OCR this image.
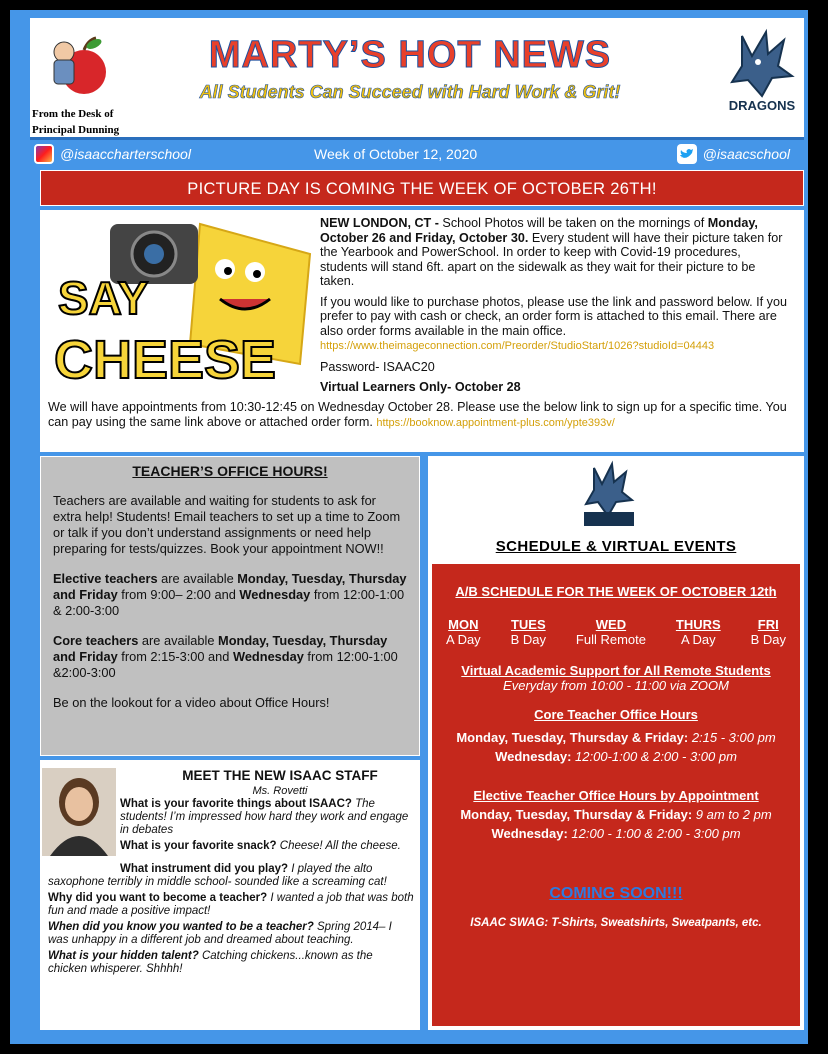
MARTY’S HOT NEWS
All Students Can Succeed with Hard Work & Grit!
From the Desk of
Principal Dunning
DRAGONS
@isaaccharterschool	Week of October 12, 2020	@isaacschool
PICTURE DAY IS COMING THE WEEK OF OCTOBER 26TH!
SAY
CHEESE

NEW LONDON, CT - School Photos will be taken on the mornings of Monday, October 26 and Friday, October 30. Every student will have their picture taken for the Yearbook and PowerSchool. In order to keep with Covid-19 procedures, students will stand 6ft. apart on the sidewalk as they wait for their picture to be taken.

If you would like to purchase photos, please use the link and password below. If you prefer to pay with cash or check, an order form is attached to this email. There are also order forms available in the main office.
https://www.theimageconnection.com/Preorder/StudioStart/1026?studioId=04443

Password- ISAAC20

Virtual Learners Only- October 28

We will have appointments from 10:30-12:45 on Wednesday October 28. Please use the below link to sign up for a specific time. You can pay using the same link above or attached order form. https://booknow.appointment-plus.com/ypte393v/
TEACHER’S OFFICE HOURS!

Teachers are available and waiting for students to ask for extra help! Students! Email teachers to set up a time to Zoom or talk if you don’t understand assignments or need help preparing for tests/quizzes. Book your appointment NOW!!

Elective teachers are available Monday, Tuesday, Thursday and Friday from 9:00– 2:00 and Wednesday from 12:00-1:00 & 2:00-3:00

Core teachers are available Monday, Tuesday, Thursday and Friday from 2:15-3:00 and Wednesday from 12:00-1:00 &2:00-3:00

Be on the lookout for a video about Office Hours!

MEET THE NEW ISAAC STAFF
Ms. Rovetti
What is your favorite things about ISAAC? The students! I’m impressed how hard they work and engage in debates
What is your favorite snack? Cheese! All the cheese.
What instrument did you play? I played the alto saxophone terribly in middle school- sounded like a screaming cat!
Why did you want to become a teacher? I wanted a job that was both fun and made a positive impact!
When did you know you wanted to be a teacher? Spring 2014– I was unhappy in a different job and dreamed about teaching.
What is your hidden talent? Catching chickens...known as the chicken whisperer. Shhhh!
SCHEDULE & VIRTUAL EVENTS
A/B SCHEDULE FOR THE WEEK OF OCTOBER 12th
MON
A Day
TUES
B Day
WED
Full Remote
THURS
A Day
FRI
B Day
Virtual Academic Support for All Remote Students
Everyday from 10:00 - 11:00 via ZOOM
Core Teacher Office Hours
Monday, Tuesday, Thursday & Friday: 2:15 - 3:00 pm
Wednesday: 12:00-1:00 & 2:00 - 3:00 pm
Elective Teacher Office Hours by Appointment
Monday, Tuesday, Thursday & Friday: 9 am to 2 pm
Wednesday: 12:00 - 1:00 & 2:00 - 3:00 pm
COMING SOON!!!
ISAAC SWAG: T-Shirts, Sweatshirts, Sweatpants, etc.
